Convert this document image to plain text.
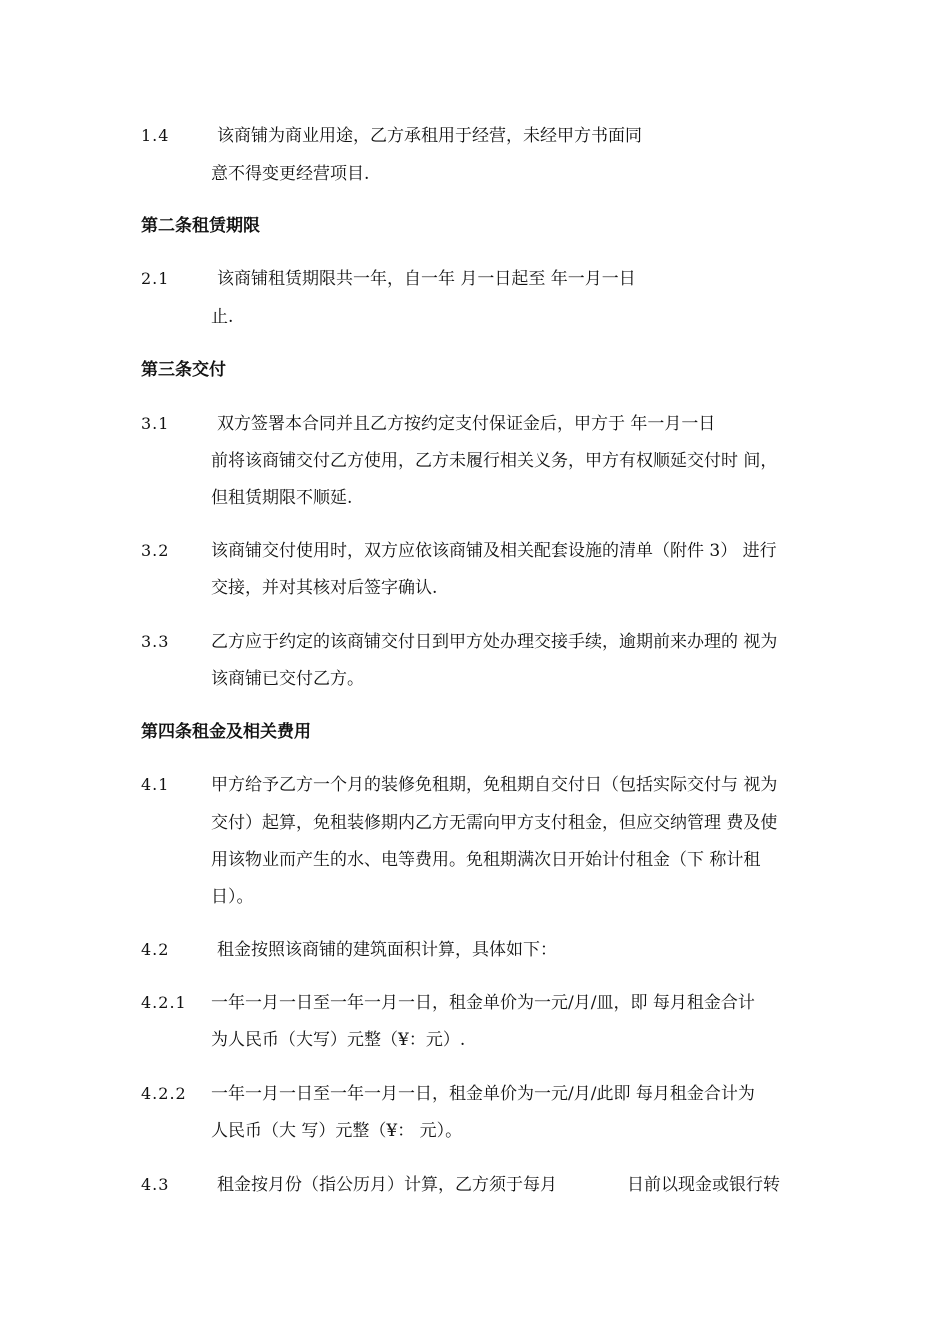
1.4	该商铺为商业用途，乙方承租用于经营，未经甲方书面同
意不得变更经营项目.
第二条租赁期限
2.1	该商铺租赁期限共一年，自一年 月一日起至 年一月一日
止.
第三条交付
3.1	双方签署本合同并且乙方按约定支付保证金后，甲方于 年一月一日
前将该商铺交付乙方使用，乙方未履行相关义务，甲方有权顺延交付时 间，
但租赁期限不顺延.
3.2 该商铺交付使用时，双方应依该商铺及相关配套设施的清单（附件 3） 进行
交接，并对其核对后签字确认.
3.3 乙方应于约定的该商铺交付日到甲方处办理交接手续，逾期前来办理的 视为
该商铺已交付乙方。
第四条租金及相关费用
4.1 甲方给予乙方一个月的装修免租期，免租期自交付日（包括实际交付与 视为
交付）起算，免租装修期内乙方无需向甲方支付租金，但应交纳管理 费及使
用该物业而产生的水、电等费用。免租期满次日开始计付租金（下 称计租
日）。
4.2	租金按照该商铺的建筑面积计算，具体如下：
4.2.1 一年一月一日至一年一月一日，租金单价为一元/月/皿，即 每月租金合计
为人民币（大写）元整（¥：元）.
4.2.2 一年一月一日至一年一月一日，租金单价为一元/月/此即 每月租金合计为
人民币（大 写）元整（¥： 元）。
4.3	租金按月份（指公历月）计算，乙方须于每月	日前以现金或银行转
